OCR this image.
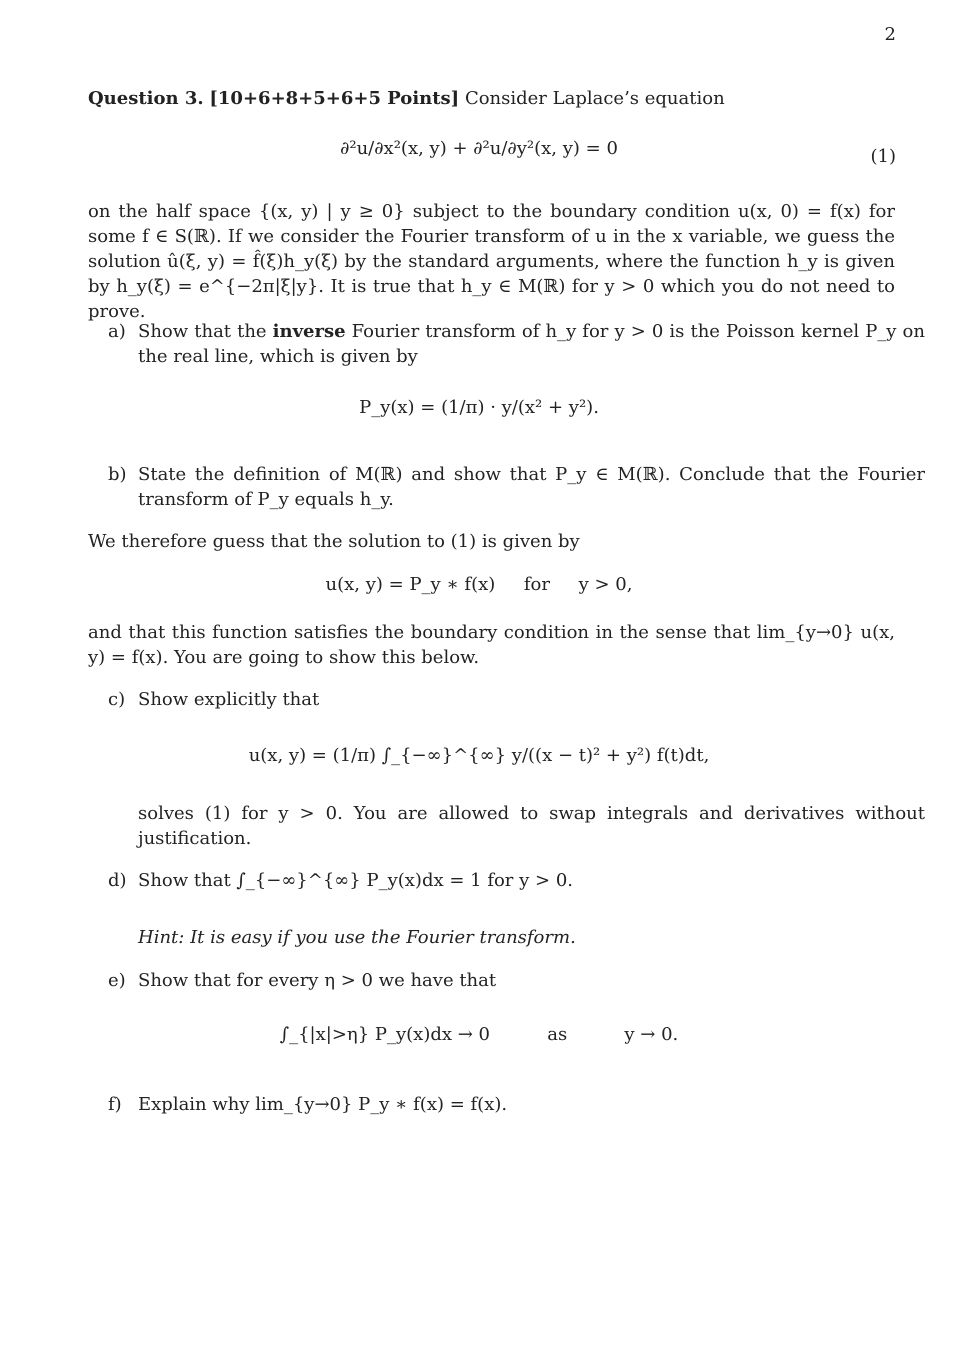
2

Question 3. [10+6+8+5+6+5 Points] Consider Laplace’s equation

∂²u/∂x²(x, y) + ∂²u/∂y²(x, y) = 0	(1)

on the half space {(x, y) | y ≥ 0} subject to the boundary condition u(x, 0) = f(x) for some f ∈ S(ℝ). If we consider the Fourier transform of u in the x variable, we guess the solution û(ξ, y) = f̂(ξ)h_y(ξ) by the standard arguments, where the function h_y is given by h_y(ξ) = e^{−2π|ξ|y}. It is true that h_y ∈ M(ℝ) for y > 0 which you do not need to prove.

a) Show that the inverse Fourier transform of h_y for y > 0 is the Poisson kernel P_y on the real line, which is given by
P_y(x) = (1/π) · y/(x² + y²).
b) State the definition of M(ℝ) and show that P_y ∈ M(ℝ). Conclude that the Fourier transform of P_y equals h_y.

We therefore guess that the solution to (1) is given by

u(x, y) = P_y ∗ f(x) for y > 0,

and that this function satisfies the boundary condition in the sense that lim_{y→0} u(x, y) = f(x). You are going to show this below.

c) Show explicitly that
u(x, y) = (1/π) ∫_{−∞}^{∞} y/((x − t)² + y²) f(t)dt,
solves (1) for y > 0. You are allowed to swap integrals and derivatives without justification.
d) Show that ∫_{−∞}^{∞} P_y(x)dx = 1 for y > 0.
Hint: It is easy if you use the Fourier transform.
e) Show that for every η > 0 we have that
∫_{|x|>η} P_y(x)dx → 0	as	y → 0.
f) Explain why lim_{y→0} P_y ∗ f(x) = f(x).
